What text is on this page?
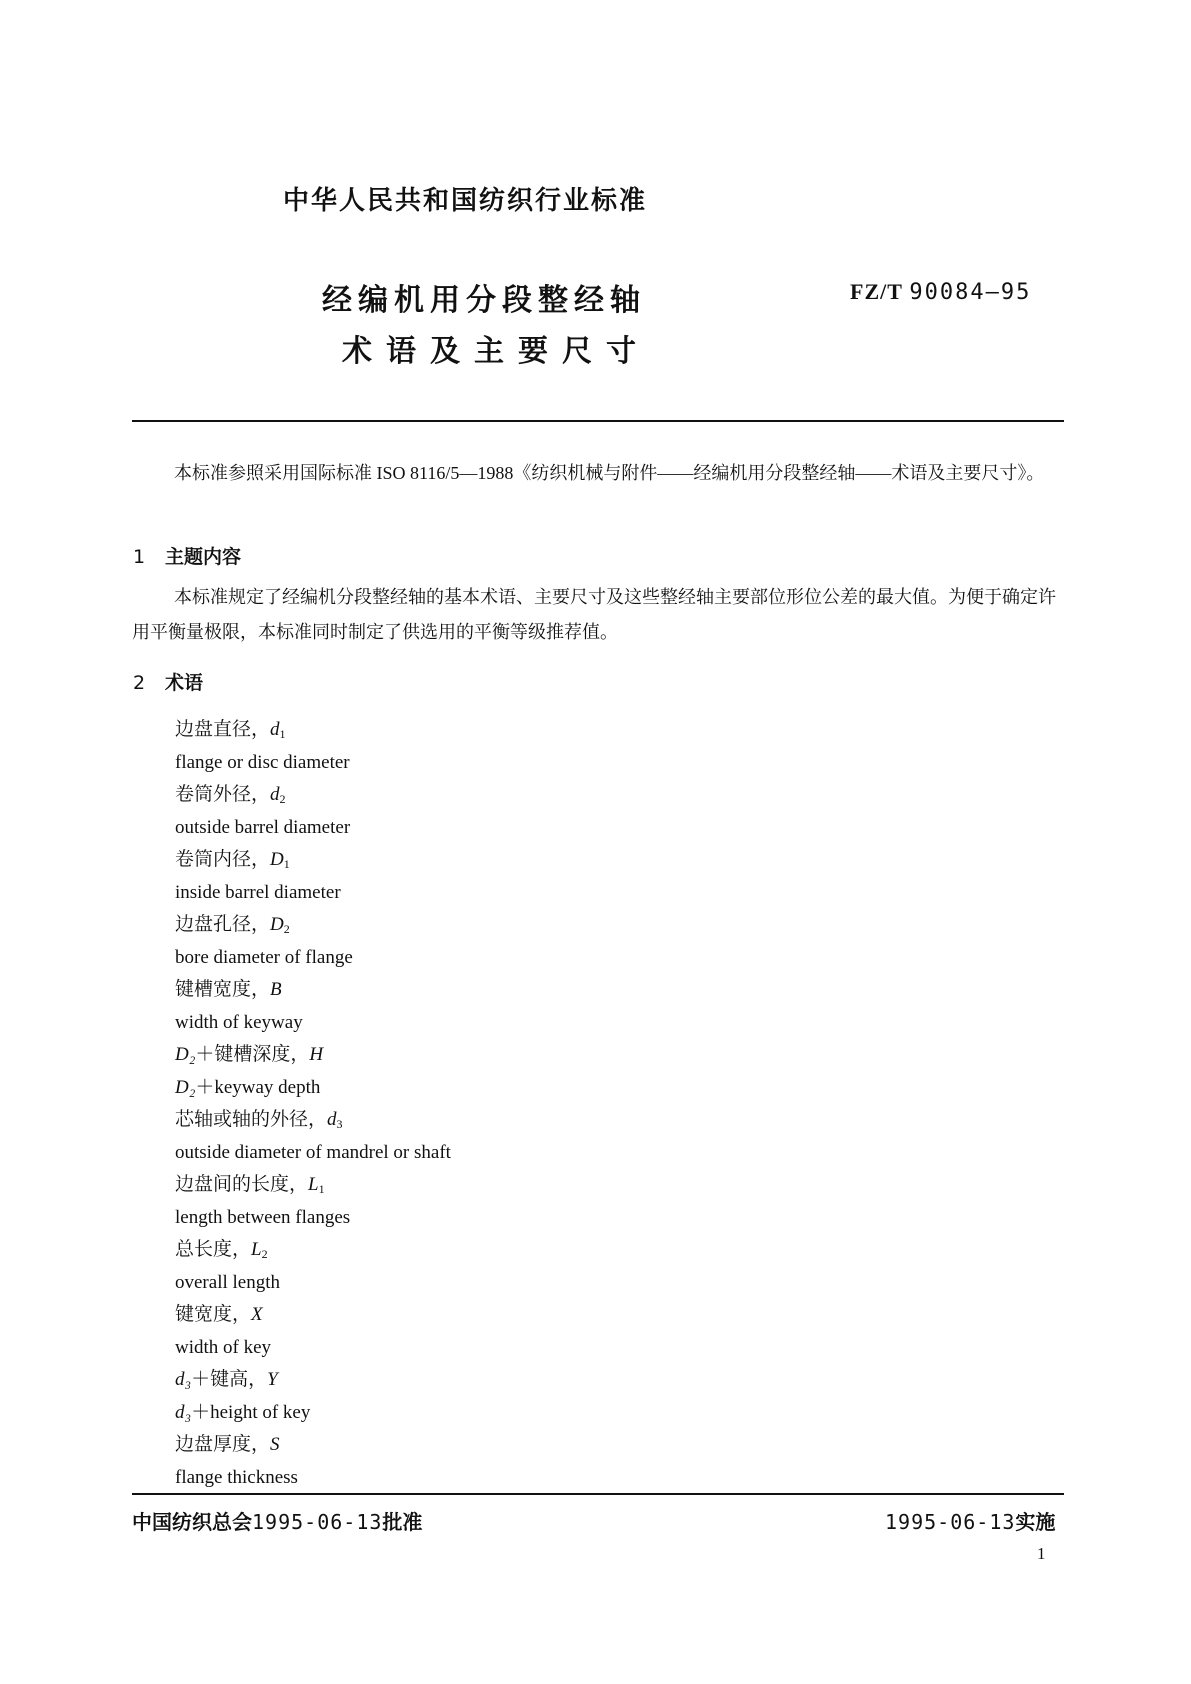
中华人民共和国纺织行业标准
经编机用分段整经轴
术语及主要尺寸
FZ/T 90084—95
本标准参照采用国际标准 ISO 8116/5—1988《纺织机械与附件——经编机用分段整经轴——术语及主要尺寸》。
1 主题内容
本标准规定了经编机分段整经轴的基本术语、主要尺寸及这些整经轴主要部位形位公差的最大值。为便于确定许用平衡量极限，本标准同时制定了供选用的平衡等级推荐值。
2 术语
边盘直径，$d_1$
flange or disc diameter
卷筒外径，$d_2$
outside barrel diameter
卷筒内径，$D_1$
inside barrel diameter
边盘孔径，$D_2$
bore diameter of flange
键槽宽度，B
width of keyway
D₂＋键槽深度，H
D₂＋keyway depth
芯轴或轴的外径，$d_3$
outside diameter of mandrel or shaft
边盘间的长度，$L_1$
length between flanges
总长度，$L_2$
overall length
键宽度，X
width of key
d₃＋键高，Y
d₃＋height of key
边盘厚度，S
flange thickness
中国纺织总会1995-06-13批准	1995-06-13实施
1
